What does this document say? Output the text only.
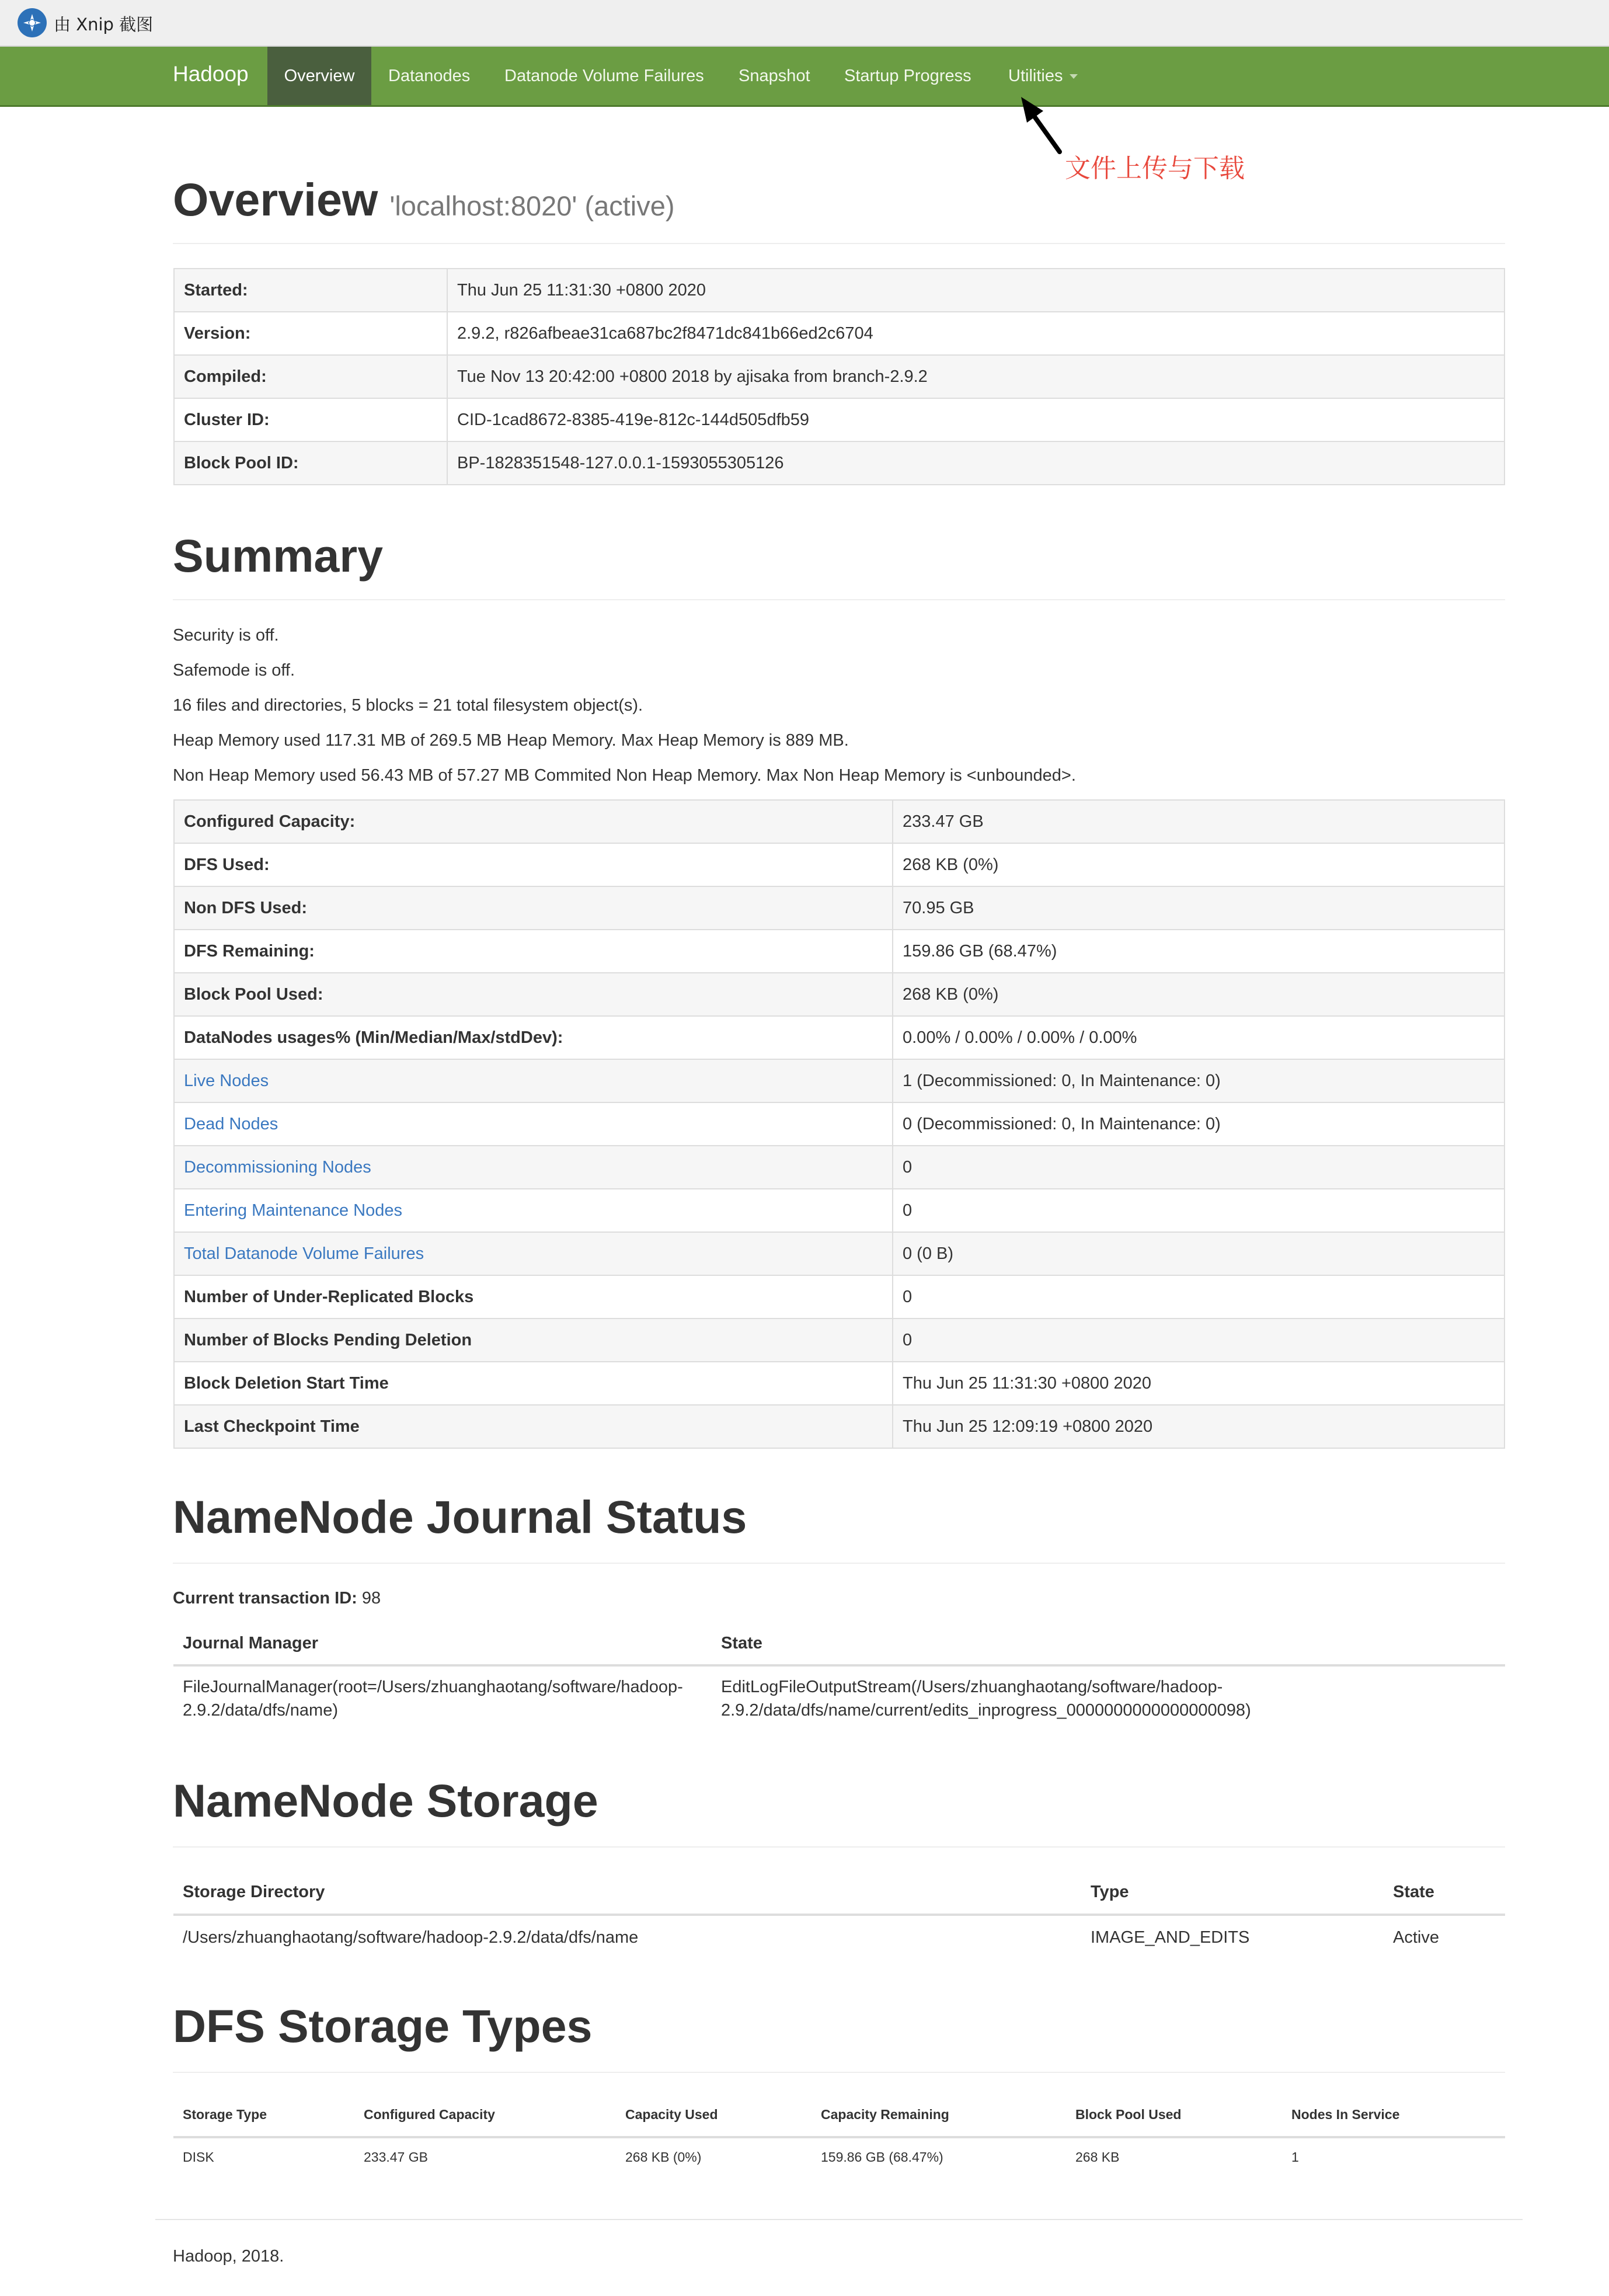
由 Xnip 截图
Hadoop	Overview	Datanodes Datanode Volume Failures Snapshot Startup Progress Utilities
文件上传与下载
Overview 'localhost:8020' (active)
Started:	Thu Jun 25 11:31:30 +0800 2020
Version:	2.9.2, r826afbeae31ca687bc2f8471dc841b66ed2c6704
Compiled:	Tue Nov 13 20:42:00 +0800 2018 by ajisaka from branch-2.9.2
Cluster ID:	CID-1cad8672-8385-419e-812c-144d505dfb59
Block Pool ID:	BP-1828351548-127.0.0.1-1593055305126
Summary
Security is off.
Safemode is off.
16 files and directories, 5 blocks = 21 total filesystem object(s).
Heap Memory used 117.31 MB of 269.5 MB Heap Memory. Max Heap Memory is 889 MB.
Non Heap Memory used 56.43 MB of 57.27 MB Commited Non Heap Memory. Max Non Heap Memory is <unbounded>.
Configured Capacity:	233.47 GB
DFS Used:	268 KB (0%)
Non DFS Used:	70.95 GB
DFS Remaining:	159.86 GB (68.47%)
Block Pool Used:	268 KB (0%)
DataNodes usages% (Min/Median/Max/stdDev):	0.00% / 0.00% / 0.00% / 0.00%
Live Nodes	1 (Decommissioned: 0, In Maintenance: 0)
Dead Nodes	0 (Decommissioned: 0, In Maintenance: 0)
Decommissioning Nodes	0
Entering Maintenance Nodes	0
Total Datanode Volume Failures	0 (0 B)
Number of Under-Replicated Blocks	0
Number of Blocks Pending Deletion	0
Block Deletion Start Time	Thu Jun 25 11:31:30 +0800 2020
Last Checkpoint Time	Thu Jun 25 12:09:19 +0800 2020
NameNode Journal Status
Current transaction ID: 98
Journal Manager	State
FileJournalManager(root=/Users/zhuanghaotang/software/hadoop-2.9.2/data/dfs/name)	EditLogFileOutputStream(/Users/zhuanghaotang/software/hadoop-2.9.2/data/dfs/name/current/edits_inprogress_0000000000000000098)
NameNode Storage
Storage Directory	Type	State
/Users/zhuanghaotang/software/hadoop-2.9.2/data/dfs/name	IMAGE_AND_EDITS	Active
DFS Storage Types
Storage Type	Configured Capacity	Capacity Used	Capacity Remaining	Block Pool Used	Nodes In Service
DISK	233.47 GB	268 KB (0%)	159.86 GB (68.47%)	268 KB	1
Hadoop, 2018.
